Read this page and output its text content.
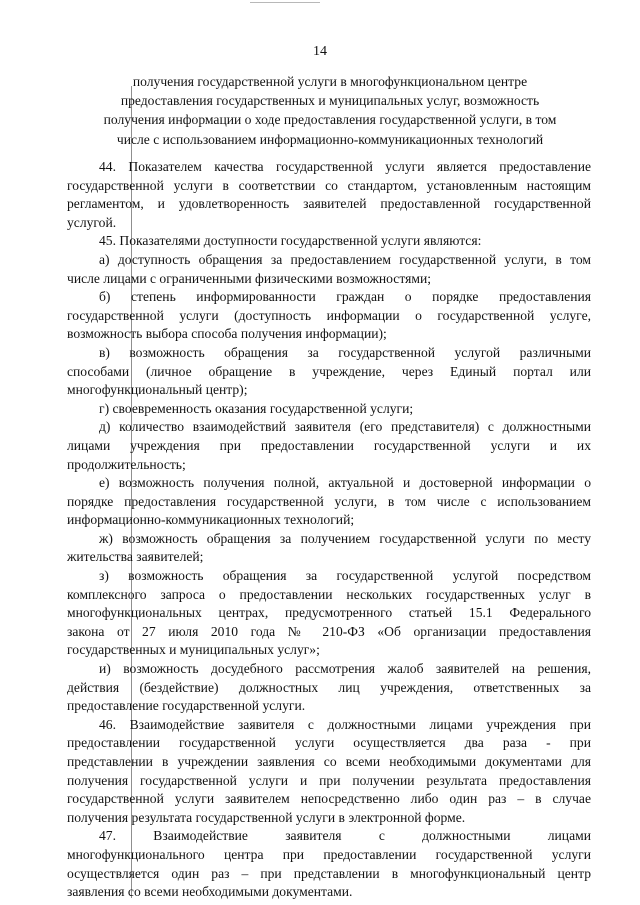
14
получения государственной услуги в многофункциональном центре
предоставления государственных и муниципальных услуг, возможность
получения информации о ходе предоставления государственной услуги, в том
числе с использованием информационно-коммуникационных технологий

44. Показателем качества государственной услуги является предоставление
государственной услуги в соответствии со стандартом, установленным настоящим
регламентом, и удовлетворенность заявителей предоставленной государственной
услугой.

45. Показателями доступности государственной услуги являются:

а) доступность обращения за предоставлением государственной услуги, в том
числе лицами с ограниченными физическими возможностями;

б) степень информированности граждан о порядке предоставления
государственной услуги (доступность информации о государственной услуге,
возможность выбора способа получения информации);

в) возможность обращения за государственной услугой различными
способами (личное обращение в учреждение, через Единый портал или
многофункциональный центр);

г) своевременность оказания государственной услуги;

д) количество взаимодействий заявителя (его представителя) с должностными
лицами учреждения при предоставлении государственной услуги и их
продолжительность;

е) возможность получения полной, актуальной и достоверной информации о
порядке предоставления государственной услуги, в том числе с использованием
информационно-коммуникационных технологий;

ж) возможность обращения за получением государственной услуги по месту
жительства заявителей;

з) возможность обращения за государственной услугой посредством
комплексного запроса о предоставлении нескольких государственных услуг в
многофункциональных центрах, предусмотренного статьей 15.1 Федерального
закона от 27 июля 2010 года № 210-ФЗ «Об организации предоставления
государственных и муниципальных услуг»;

и) возможность досудебного рассмотрения жалоб заявителей на решения,
действия (бездействие) должностных лиц учреждения, ответственных за
предоставление государственной услуги.

46. Взаимодействие заявителя с должностными лицами учреждения при
предоставлении государственной услуги осуществляется два раза - при
представлении в учреждении заявления со всеми необходимыми документами для
получения государственной услуги и при получении результата предоставления
государственной услуги заявителем непосредственно либо один раз – в случае
получения результата государственной услуги в электронной форме.

47. Взаимодействие заявителя с должностными лицами
многофункционального центра при предоставлении государственной услуги
осуществляется один раз – при представлении в многофункциональный центр
заявления со всеми необходимыми документами.
